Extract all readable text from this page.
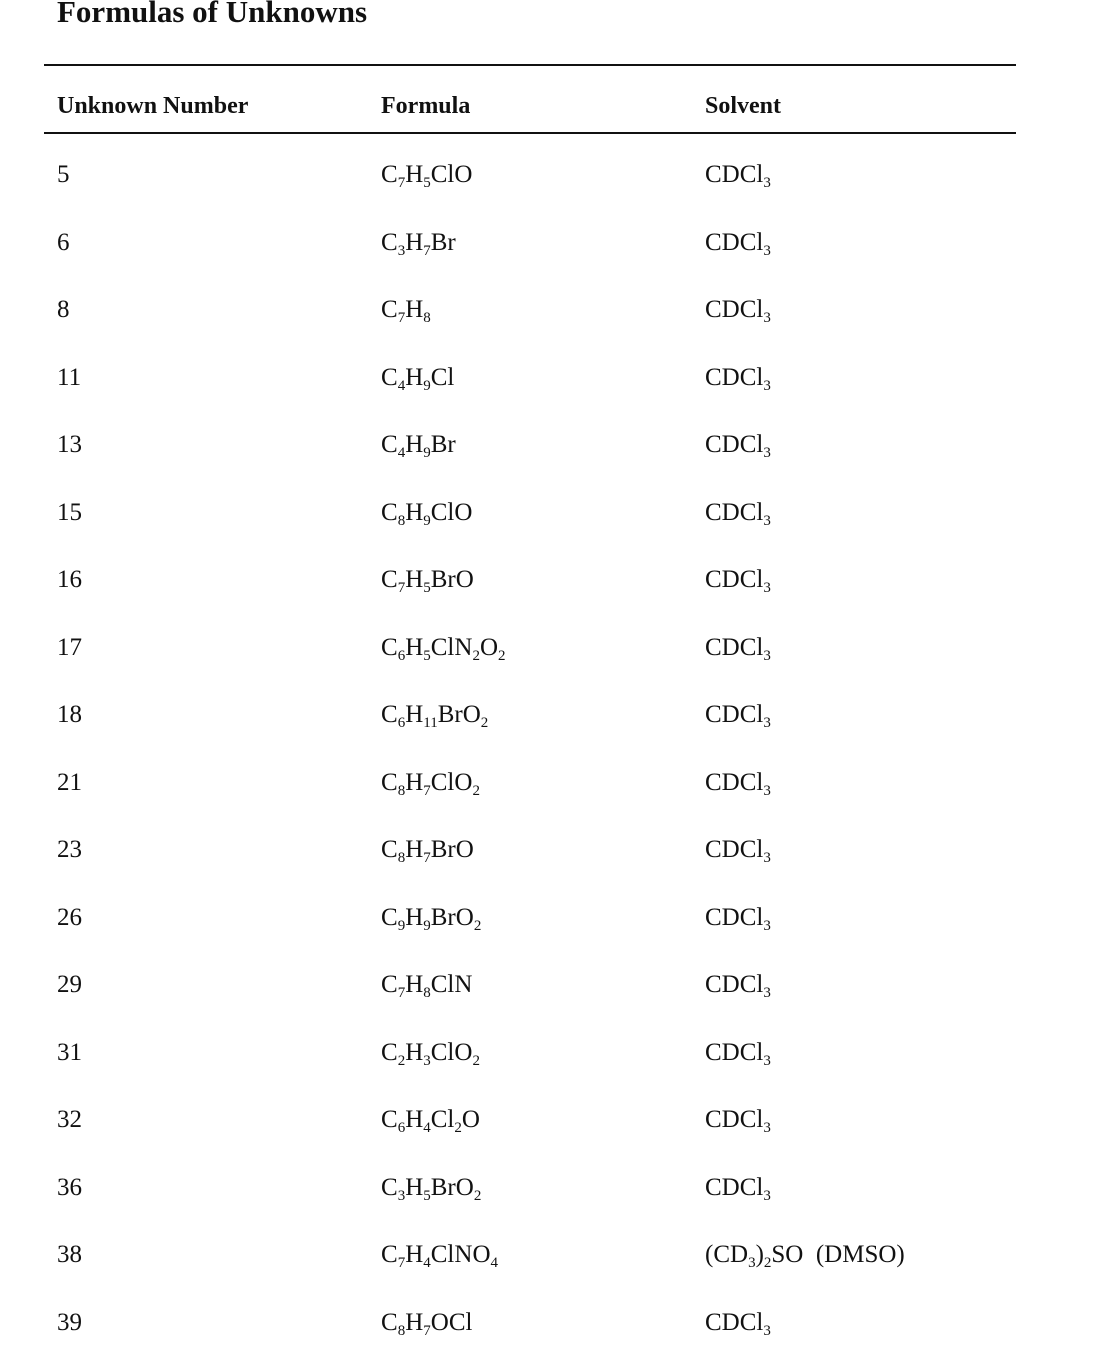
Formulas of Unknowns
Unknown Number	Formula	Solvent
5	$C_7H_5ClO$	CDCl$_3$
6	$C_3H_7Br$	CDCl$_3$
8	$C_7H_8$	CDCl$_3$
11	$C_4H_9Cl$	CDCl$_3$
13	$C_4H_9Br$	CDCl$_3$
15	$C_8H_9ClO$	CDCl$_3$
16	$C_7H_5BrO$	CDCl$_3$
17	$C_6H_5ClN_2O_2$	CDCl$_3$
18	$C_6H_{11}BrO_2$	CDCl$_3$
21	$C_8H_7ClO_2$	CDCl$_3$
23	$C_8H_7BrO$	CDCl$_3$
26	$C_9H_9BrO_2$	CDCl$_3$
29	$C_7H_8ClN$	CDCl$_3$
31	$C_2H_3ClO_2$	CDCl$_3$
32	$C_6H_4Cl_2O$	CDCl$_3$
36	$C_3H_5BrO_2$	CDCl$_3$
38	$C_7H_4ClNO_4$	$(CD_3)_2SO$  (DMSO)
39	$C_8H_7OCl$	CDCl$_3$
